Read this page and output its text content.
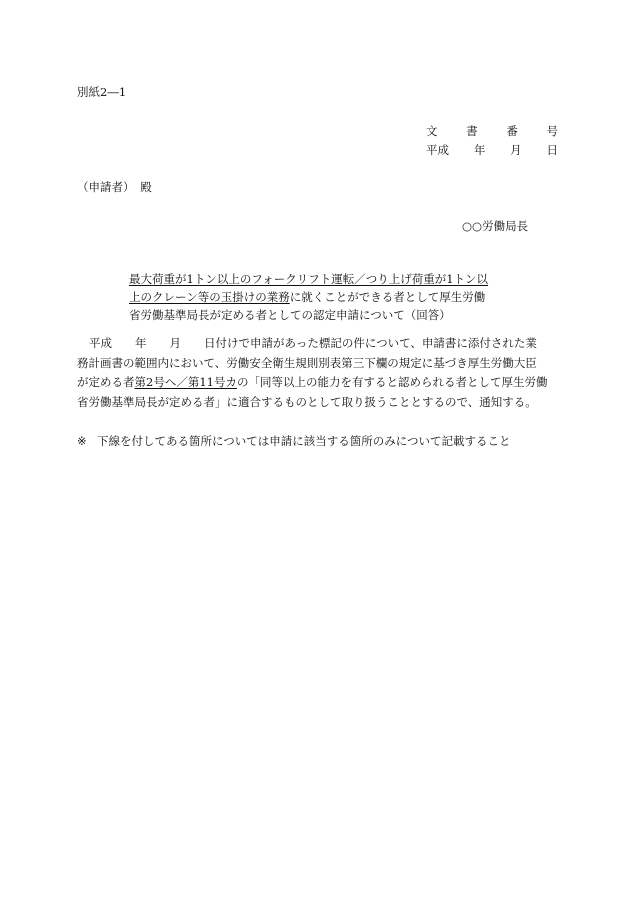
別紙2―1
文 書 番 号
平成 年 月 日
（申請者）　殿
○○労働局長
最大荷重が1トン以上のフォークリフト運転／つり上げ荷重が1トン以
上のクレーン等の玉掛けの業務に就くことができる者として厚生労働
省労働基準局長が定める者としての認定申請について（回答）
平成　　年　　月　　日付けで申請があった標記の件について、申請書に添付された業
務計画書の範囲内において、労働安全衛生規則別表第三下欄の規定に基づき厚生労働大臣
が定める者第2号へ／第11号カの「同等以上の能力を有すると認められる者として厚生労働
省労働基準局長が定める者」に適合するものとして取り扱うこととするので、通知する。
※ 下線を付してある箇所については申請に該当する箇所のみについて記載すること
